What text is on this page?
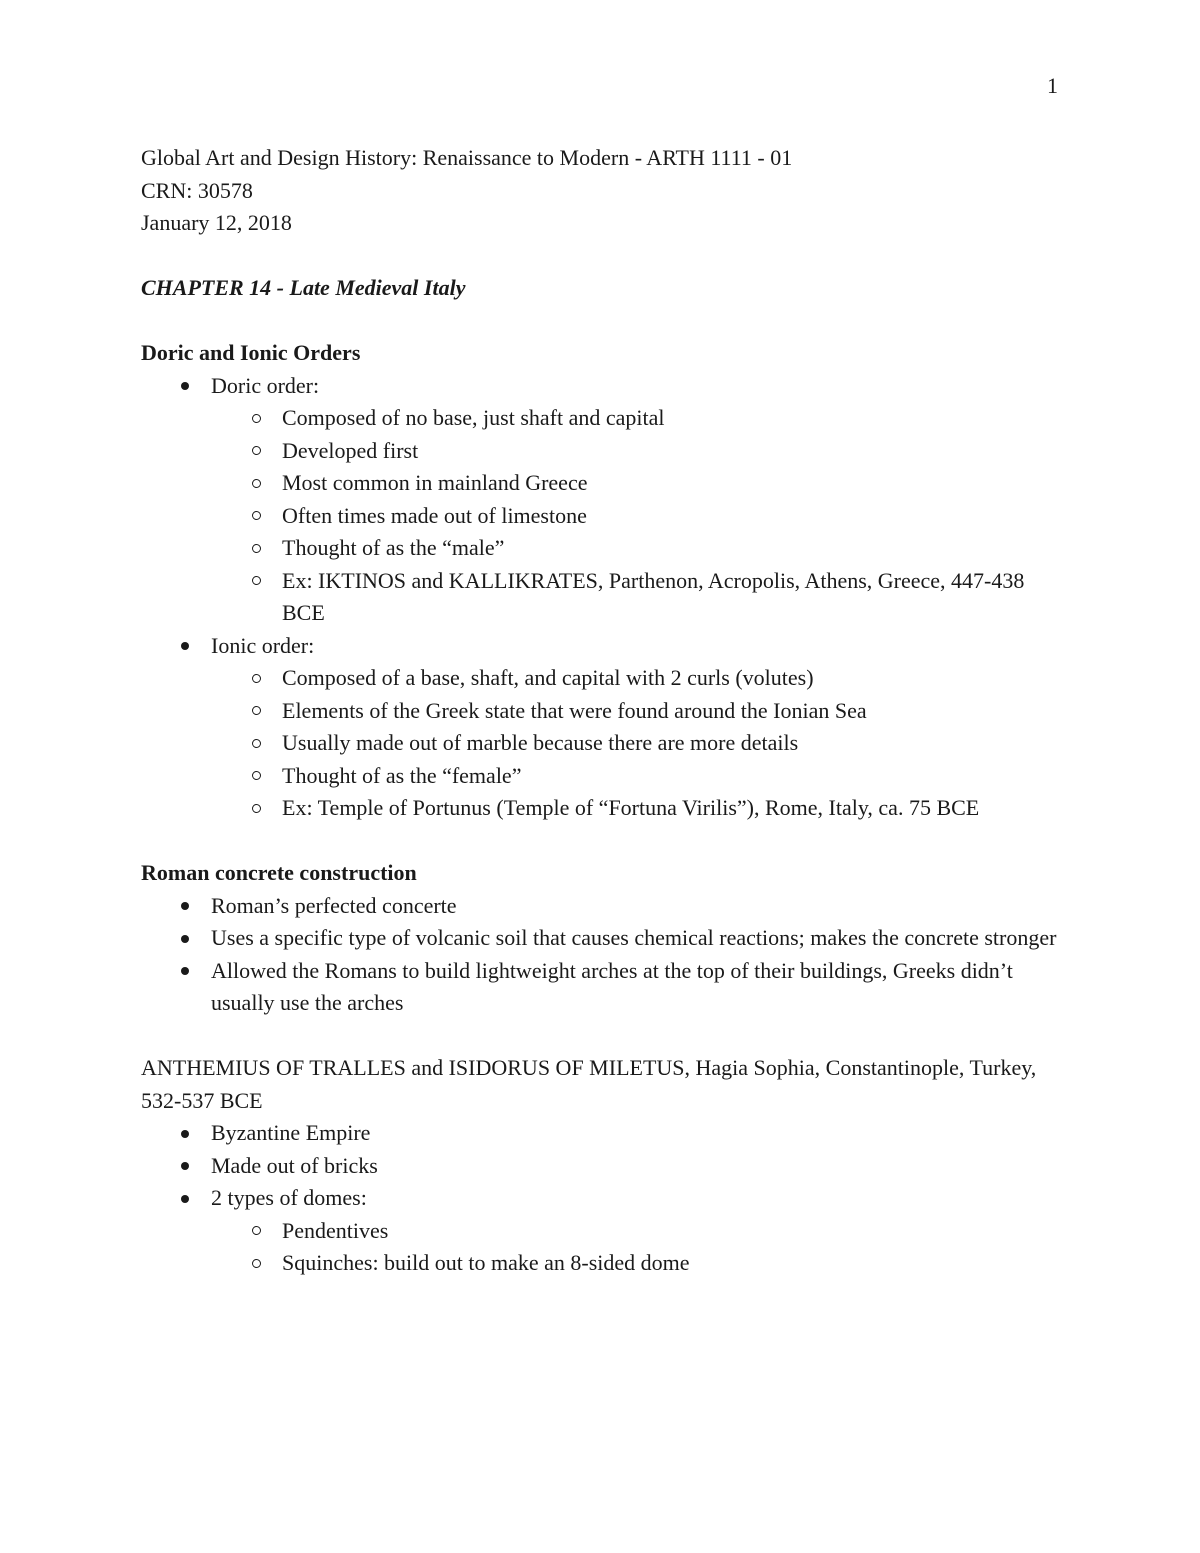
1

Global Art and Design History: Renaissance to Modern - ARTH 1111 - 01

CRN: 30578

January 12, 2018

CHAPTER 14 - Late Medieval Italy

Doric and Ionic Orders

Doric order:
Composed of no base, just shaft and capital
Developed first
Most common in mainland Greece
Often times made out of limestone
Thought of as the “male”
Ex: IKTINOS and KALLIKRATES, Parthenon, Acropolis, Athens, Greece, 447-438 BCE
Ionic order:
Composed of a base, shaft, and capital with 2 curls (volutes)
Elements of the Greek state that were found around the Ionian Sea
Usually made out of marble because there are more details
Thought of as the “female”
Ex: Temple of Portunus (Temple of “Fortuna Virilis”), Rome, Italy, ca. 75 BCE

Roman concrete construction

Roman’s perfected concerte
Uses a specific type of volcanic soil that causes chemical reactions; makes the concrete stronger
Allowed the Romans to build lightweight arches at the top of their buildings, Greeks didn’t usually use the arches

ANTHEMIUS OF TRALLES and ISIDORUS OF MILETUS, Hagia Sophia, Constantinople, Turkey, 532-537 BCE

Byzantine Empire
Made out of bricks
2 types of domes:
Pendentives
Squinches: build out to make an 8-sided dome
